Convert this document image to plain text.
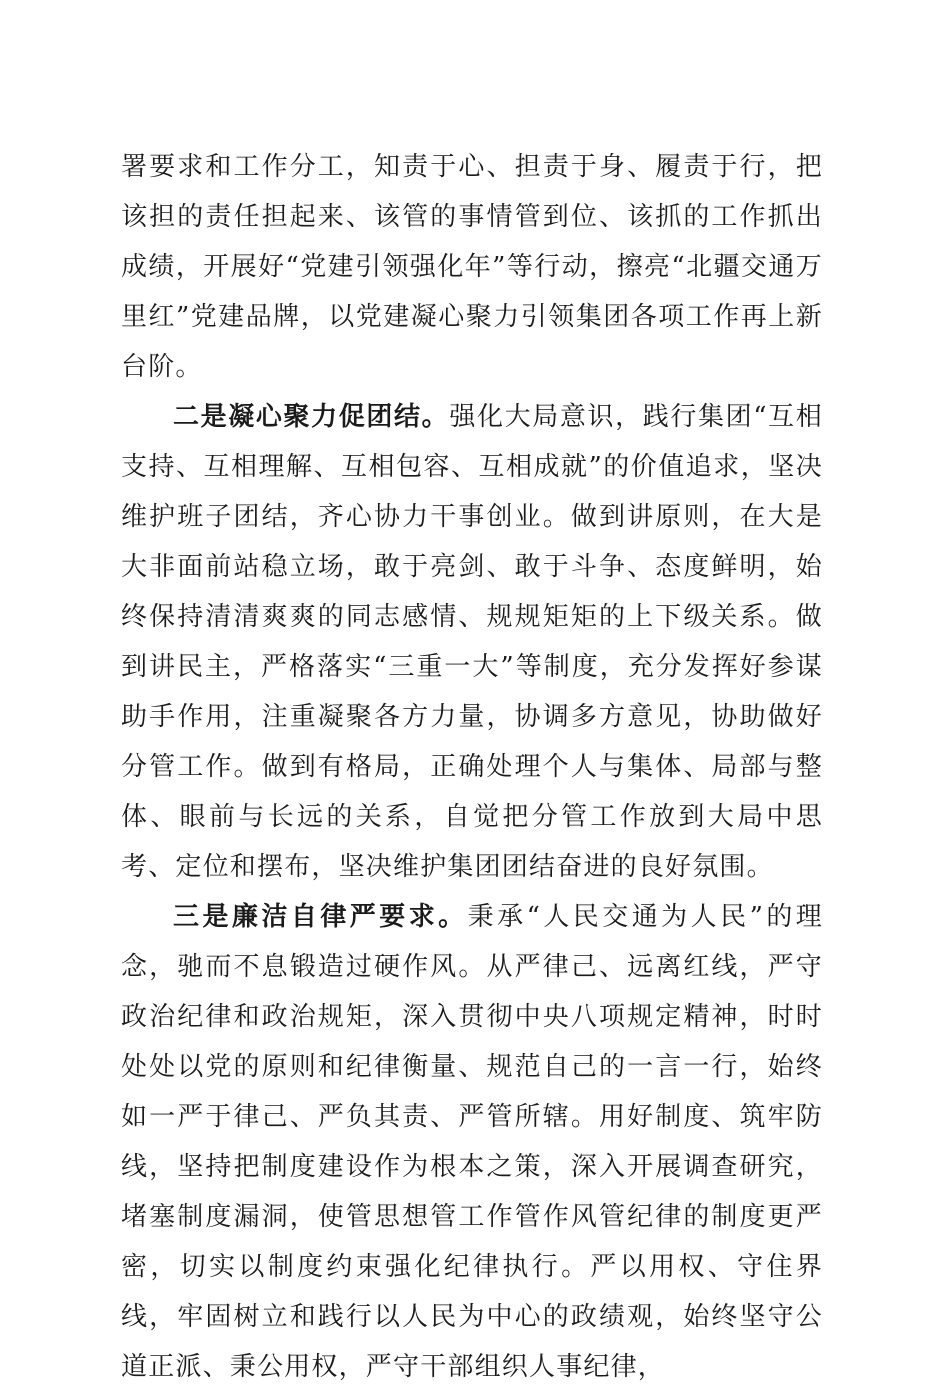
署要求和工作分工，知责于心、担责于身、履责于行，把该担的责任担起来、该管的事情管到位、该抓的工作抓出成绩，开展好“党建引领强化年”等行动，擦亮“北疆交通万里红”党建品牌，以党建凝心聚力引领集团各项工作再上新台阶。

二是凝心聚力促团结。强化大局意识，践行集团“互相支持、互相理解、互相包容、互相成就”的价值追求，坚决维护班子团结，齐心协力干事创业。做到讲原则，在大是大非面前站稳立场，敢于亮剑、敢于斗争、态度鲜明，始终保持清清爽爽的同志感情、规规矩矩的上下级关系。做到讲民主，严格落实“三重一大”等制度，充分发挥好参谋助手作用，注重凝聚各方力量，协调多方意见，协助做好分管工作。做到有格局，正确处理个人与集体、局部与整体、眼前与长远的关系，自觉把分管工作放到大局中思考、定位和摆布，坚决维护集团团结奋进的良好氛围。

三是廉洁自律严要求。秉承“人民交通为人民”的理念，驰而不息锻造过硬作风。从严律己、远离红线，严守政治纪律和政治规矩，深入贯彻中央八项规定精神，时时处处以党的原则和纪律衡量、规范自己的一言一行，始终如一严于律己、严负其责、严管所辖。用好制度、筑牢防线，坚持把制度建设作为根本之策，深入开展调查研究，堵塞制度漏洞，使管思想管工作管作风管纪律的制度更严密，切实以制度约束强化纪律执行。严以用权、守住界线，牢固树立和践行以人民为中心的政绩观，始终坚守公道正派、秉公用权，严守干部组织人事纪律，
